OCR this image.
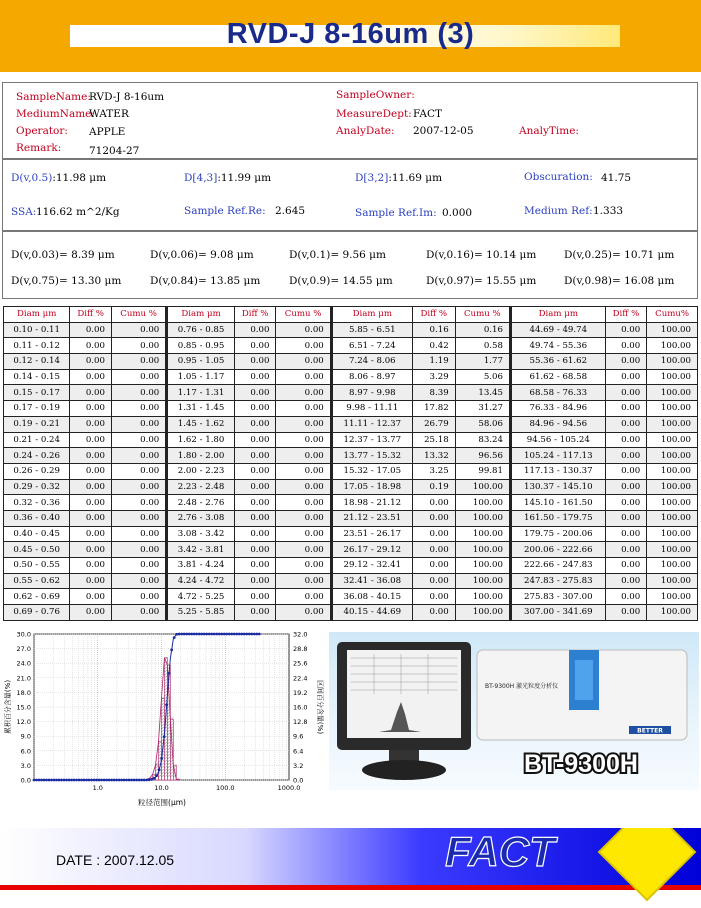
RVD-J 8-16um (3)
SampleName:
RVD-J 8-16um
MediumName:
WATER
Operator: APPLE
Remark:	71204-27
SampleOwner:
MeasureDept: FACT
AnalyDate: 2007-12-05	AnalyTime:
D(v,0.5):11.98 μm	D[4,3]:11.99 μm	D[3,2]:11.69 μm	Obscuration: 41.75
SSA: 116.62 m^2/Kg	Sample Ref.Re: 2.645	Sample Ref.Im: 0.000	Medium Ref: 1.333
D(v,0.03)= 8.39 μm	D(v,0.06)= 9.08 μm	D(v,0.1)= 9.56 μm	D(v,0.16)= 10.14 μm	D(v,0.25)= 10.71 μm
D(v,0.75)= 13.30 μm	D(v,0.84)= 13.85 μm	D(v,0.9)= 14.55 μm	D(v,0.97)= 15.55 μm	D(v,0.98)= 16.08 μm
Diam μm	Diff %	Cumu %	Diam μm	Diff %	Cumu %	Diam μm	Diff %	Cumu %	Diam μm	Diff %	Cumu%
0.10 - 0.11	0.00	0.00	0.76 - 0.85	0.00	0.00	5.85 - 6.51	0.16	0.16	44.69 - 49.74	0.00	100.00
0.11 - 0.12	0.00	0.00	0.85 - 0.95	0.00	0.00	6.51 - 7.24	0.42	0.58	49.74 - 55.36	0.00	100.00
0.12 - 0.14	0.00	0.00	0.95 - 1.05	0.00	0.00	7.24 - 8.06	1.19	1.77	55.36 - 61.62	0.00	100.00
0.14 - 0.15	0.00	0.00	1.05 - 1.17	0.00	0.00	8.06 - 8.97	3.29	5.06	61.62 - 68.58	0.00	100.00
0.15 - 0.17	0.00	0.00	1.17 - 1.31	0.00	0.00	8.97 - 9.98	8.39	13.45	68.58 - 76.33	0.00	100.00
0.17 - 0.19	0.00	0.00	1.31 - 1.45	0.00	0.00	9.98 - 11.11	17.82	31.27	76.33 - 84.96	0.00	100.00
0.19 - 0.21	0.00	0.00	1.45 - 1.62	0.00	0.00	11.11 - 12.37	26.79	58.06	84.96 - 94.56	0.00	100.00
0.21 - 0.24	0.00	0.00	1.62 - 1.80	0.00	0.00	12.37 - 13.77	25.18	83.24	94.56 - 105.24	0.00	100.00
0.24 - 0.26	0.00	0.00	1.80 - 2.00	0.00	0.00	13.77 - 15.32	13.32	96.56	105.24 - 117.13	0.00	100.00
0.26 - 0.29	0.00	0.00	2.00 - 2.23	0.00	0.00	15.32 - 17.05	3.25	99.81	117.13 - 130.37	0.00	100.00
0.29 - 0.32	0.00	0.00	2.23 - 2.48	0.00	0.00	17.05 - 18.98	0.19	100.00	130.37 - 145.10	0.00	100.00
0.32 - 0.36	0.00	0.00	2.48 - 2.76	0.00	0.00	18.98 - 21.12	0.00	100.00	145.10 - 161.50	0.00	100.00
0.36 - 0.40	0.00	0.00	2.76 - 3.08	0.00	0.00	21.12 - 23.51	0.00	100.00	161.50 - 179.75	0.00	100.00
0.40 - 0.45	0.00	0.00	3.08 - 3.42	0.00	0.00	23.51 - 26.17	0.00	100.00	179.75 - 200.06	0.00	100.00
0.45 - 0.50	0.00	0.00	3.42 - 3.81	0.00	0.00	26.17 - 29.12	0.00	100.00	200.06 - 222.66	0.00	100.00
0.50 - 0.55	0.00	0.00	3.81 - 4.24	0.00	0.00	29.12 - 32.41	0.00	100.00	222.66 - 247.83	0.00	100.00
0.55 - 0.62	0.00	0.00	4.24 - 4.72	0.00	0.00	32.41 - 36.08	0.00	100.00	247.83 - 275.83	0.00	100.00
0.62 - 0.69	0.00	0.00	4.72 - 5.25	0.00	0.00	36.08 - 40.15	0.00	100.00	275.83 - 307.00	0.00	100.00
0.69 - 0.76	0.00	0.00	5.25 - 5.85	0.00	0.00	40.15 - 44.69	0.00	100.00	307.00 - 341.69	0.00	100.00
0.0	0.0
3.0	3.2
6.0	6.4
9.0	9.6
12.0	12.8
15.0	16.0
18.0	19.2
21.0	22.4
24.0	25.6
27.0	28.8
30.0	32.0
1.0	10.0	100.0	1000.0
粒径范围(μm)
累积百分含量(%)	区间百分含量(%)	BT-9300H 激光粒度分析仪
BETTER
BT-9300H
FACT
DATE : 2007.12.05
